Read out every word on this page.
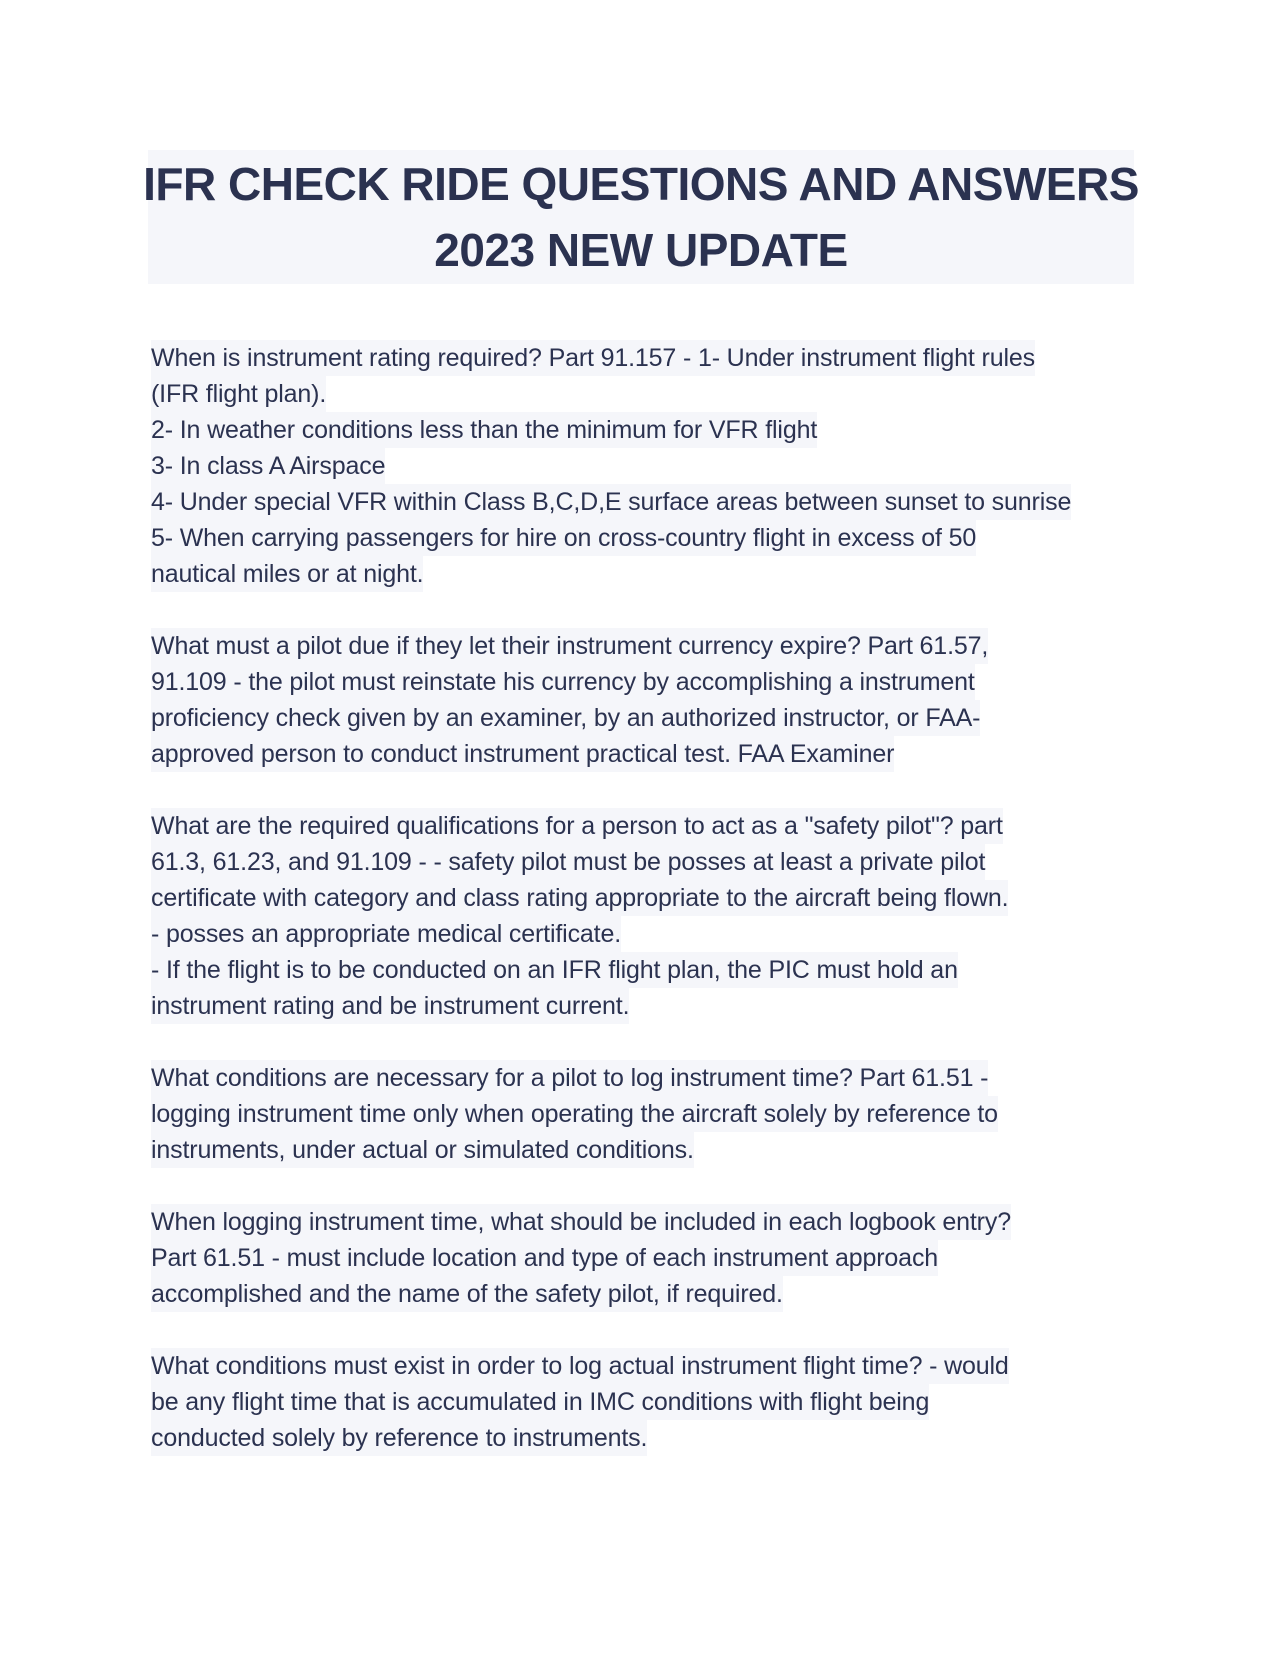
IFR CHECK RIDE QUESTIONS AND ANSWERS
2023 NEW UPDATE
When is instrument rating required? Part 91.157 - 1- Under instrument flight rules
(IFR flight plan).
2- In weather conditions less than the minimum for VFR flight
3- In class A Airspace
4- Under special VFR within Class B,C,D,E surface areas between sunset to sunrise
5- When carrying passengers for hire on cross-country flight in excess of 50
nautical miles or at night.
What must a pilot due if they let their instrument currency expire? Part 61.57,
91.109 - the pilot must reinstate his currency by accomplishing a instrument
proficiency check given by an examiner, by an authorized instructor, or FAA-
approved person to conduct instrument practical test. FAA Examiner
What are the required qualifications for a person to act as a "safety pilot"? part
61.3, 61.23, and 91.109 - - safety pilot must be posses at least a private pilot
certificate with category and class rating appropriate to the aircraft being flown.
- posses an appropriate medical certificate.
- If the flight is to be conducted on an IFR flight plan, the PIC must hold an
instrument rating and be instrument current.
What conditions are necessary for a pilot to log instrument time? Part 61.51 -
logging instrument time only when operating the aircraft solely by reference to
instruments, under actual or simulated conditions.
When logging instrument time, what should be included in each logbook entry?
Part 61.51 - must include location and type of each instrument approach
accomplished and the name of the safety pilot, if required.
What conditions must exist in order to log actual instrument flight time? - would
be any flight time that is accumulated in IMC conditions with flight being
conducted solely by reference to instruments.
